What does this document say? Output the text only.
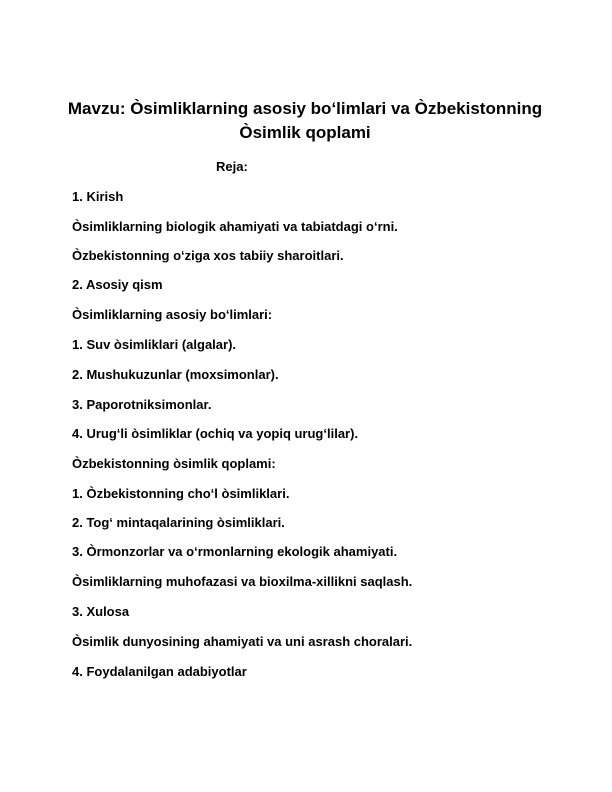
Mavzu: Òsimliklarning asosiy bo‘limlari va Òzbekistonning

Òsimlik qoplami

Reja:

1. Kirish

Òsimliklarning biologik ahamiyati va tabiatdagi o‘rni.

Òzbekistonning o‘ziga xos tabiiy sharoitlari.

2. Asosiy qism

Òsimliklarning asosiy bo‘limlari:

1. Suv òsimliklari (algalar).

2. Mushukuzunlar (moxsimonlar).

3. Paporotniksimonlar.

4. Urug‘li òsimliklar (ochiq va yopiq urug‘lilar).

Òzbekistonning òsimlik qoplami:

1. Òzbekistonning cho‘l òsimliklari.

2. Tog‘ mintaqalarining òsimliklari.

3. Òrmonzorlar va o‘rmonlarning ekologik ahamiyati.

Òsimliklarning muhofazasi va bioxilma-xillikni saqlash.

3. Xulosa

Òsimlik dunyosining ahamiyati va uni asrash choralari.

4. Foydalanilgan adabiyotlar
